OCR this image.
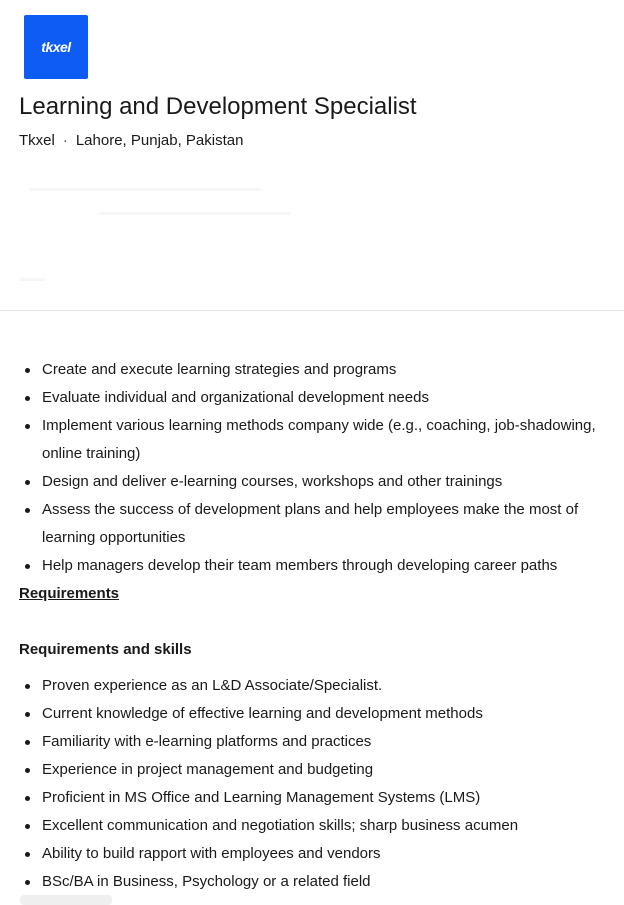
tkxel
Learning and Development Specialist
Tkxel · Lahore, Punjab, Pakistan
Create and execute learning strategies and programs
Evaluate individual and organizational development needs
Implement various learning methods company wide (e.g., coaching, job-shadowing, online training)
Design and deliver e-learning courses, workshops and other trainings
Assess the success of development plans and help employees make the most of learning opportunities
Help managers develop their team members through developing career paths
Requirements
Requirements and skills
Proven experience as an L&D Associate/Specialist.
Current knowledge of effective learning and development methods
Familiarity with e-learning platforms and practices
Experience in project management and budgeting
Proficient in MS Office and Learning Management Systems (LMS)
Excellent communication and negotiation skills; sharp business acumen
Ability to build rapport with employees and vendors
BSc/BA in Business, Psychology or a related field
